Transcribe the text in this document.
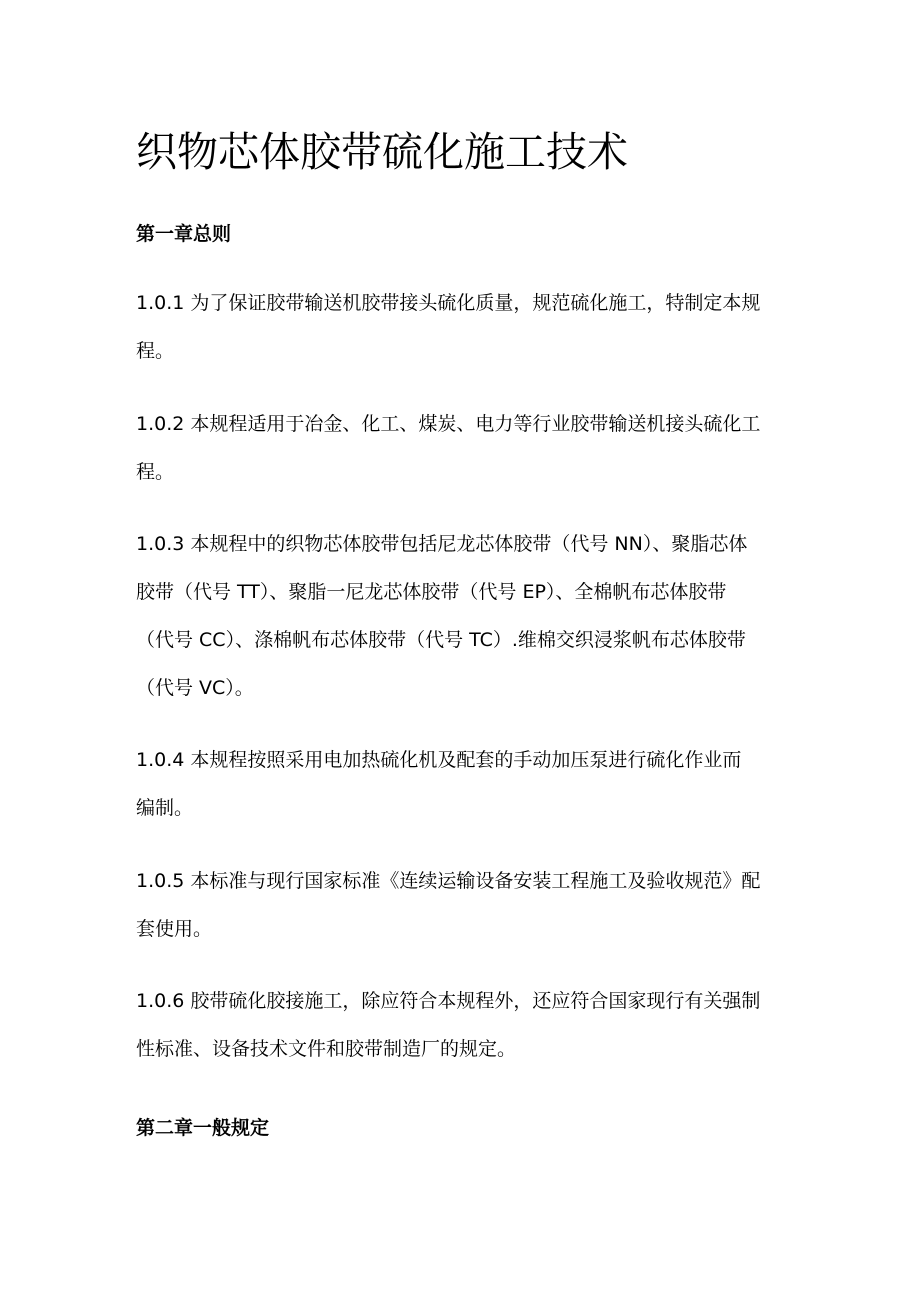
织物芯体胶带硫化施工技术
第一章总则

1.0.1 为了保证胶带输送机胶带接头硫化质量，规范硫化施工，特制定本规
程。

1.0.2 本规程适用于冶金、化工、煤炭、电力等行业胶带输送机接头硫化工
程。

1.0.3 本规程中的织物芯体胶带包括尼龙芯体胶带（代号 NN）、聚脂芯体
胶带（代号 TT）、聚脂一尼龙芯体胶带（代号 EP）、全棉帆布芯体胶带
（代号 CC）、涤棉帆布芯体胶带（代号 TC）.维棉交织浸浆帆布芯体胶带
（代号 VC）。

1.0.4 本规程按照采用电加热硫化机及配套的手动加压泵进行硫化作业而
编制。

1.0.5 本标准与现行国家标准《连续运输设备安装工程施工及验收规范》配
套使用。

1.0.6 胶带硫化胶接施工，除应符合本规程外，还应符合国家现行有关强制
性标准、设备技术文件和胶带制造厂的规定。

第二章一般规定
